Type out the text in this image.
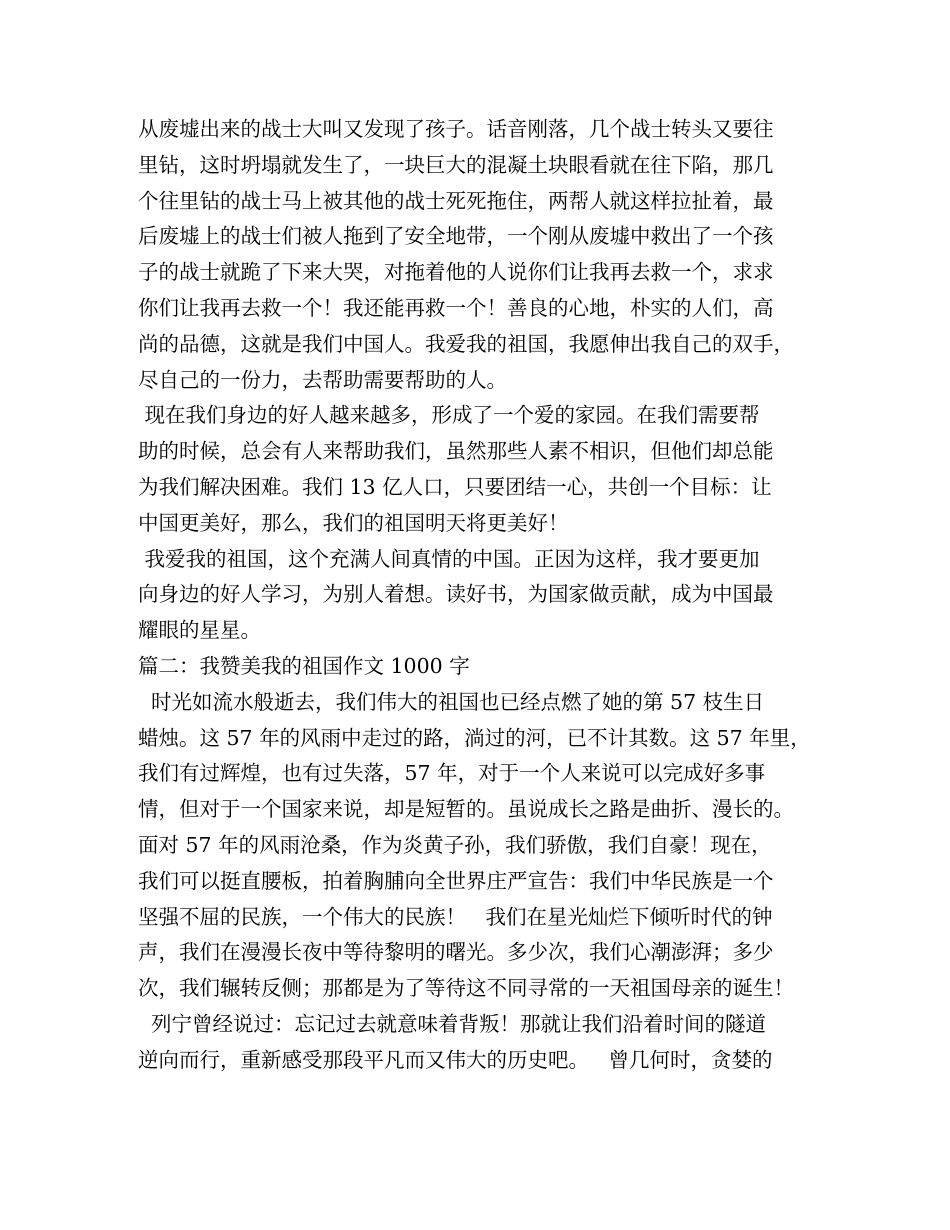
从废墟出来的战士大叫又发现了孩子。话音刚落，几个战士转头又要往
里钻，这时坍塌就发生了，一块巨大的混凝土块眼看就在往下陷，那几
个往里钻的战士马上被其他的战士死死拖住，两帮人就这样拉扯着，最
后废墟上的战士们被人拖到了安全地带，一个刚从废墟中救出了一个孩
子的战士就跪了下来大哭，对拖着他的人说你们让我再去救一个，求求
你们让我再去救一个！我还能再救一个！善良的心地，朴实的人们，高
尚的品德，这就是我们中国人。我爱我的祖国，我愿伸出我自己的双手，
尽自己的一份力，去帮助需要帮助的人。
现在我们身边的好人越来越多，形成了一个爱的家园。在我们需要帮
助的时候，总会有人来帮助我们，虽然那些人素不相识，但他们却总能
为我们解决困难。我们 13 亿人口，只要团结一心，共创一个目标：让
中国更美好，那么，我们的祖国明天将更美好！
我爱我的祖国，这个充满人间真情的中国。正因为这样，我才要更加
向身边的好人学习，为别人着想。读好书，为国家做贡献，成为中国最
耀眼的星星。
篇二：我赞美我的祖国作文 1000 字
时光如流水般逝去，我们伟大的祖国也已经点燃了她的第 57 枝生日
蜡烛。这 57 年的风雨中走过的路，淌过的河，已不计其数。这 57 年里，
我们有过辉煌，也有过失落，57 年，对于一个人来说可以完成好多事
情，但对于一个国家来说，却是短暂的。虽说成长之路是曲折、漫长的。
面对 57 年的风雨沧桑，作为炎黄子孙，我们骄傲，我们自豪！现在，
我们可以挺直腰板，拍着胸脯向全世界庄严宣告：我们中华民族是一个
坚强不屈的民族，一个伟大的民族！   我们在星光灿烂下倾听时代的钟
声，我们在漫漫长夜中等待黎明的曙光。多少次，我们心潮澎湃；多少
次，我们辗转反侧；那都是为了等待这不同寻常的一天祖国母亲的诞生！
列宁曾经说过：忘记过去就意味着背叛！那就让我们沿着时间的隧道
逆向而行，重新感受那段平凡而又伟大的历史吧。   曾几何时，贪婪的
